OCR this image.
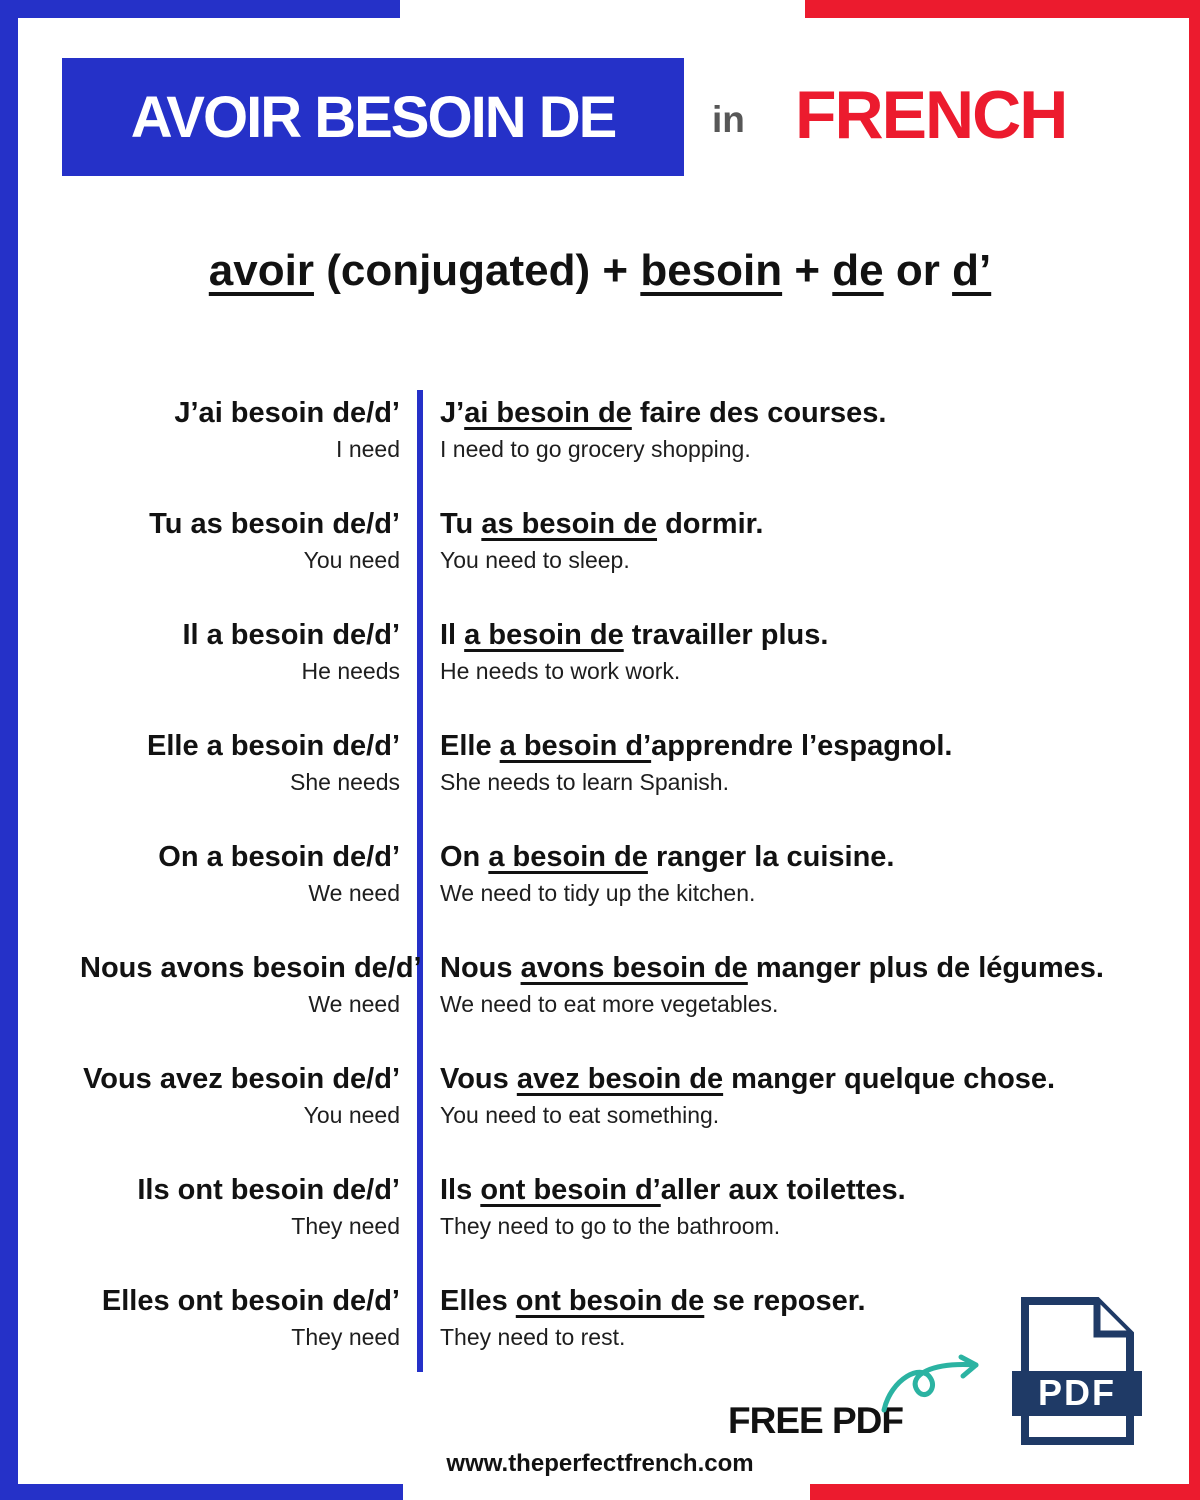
AVOIR BESOIN DE	in FRENCH
avoir (conjugated) + besoin + de or d’
J’ai besoin de/d’
I need
J’ai besoin de faire des courses.
I need to go grocery shopping.
Tu as besoin de/d’
You need
Tu as besoin de dormir.
You need to sleep.
Il a besoin de/d’
He needs
Il a besoin de travailler plus.
He needs to work work.
Elle a besoin de/d’
She needs
Elle a besoin d’apprendre l’espagnol.
She needs to learn Spanish.
On a besoin de/d’
We need
On a besoin de ranger la cuisine.
We need to tidy up the kitchen.
Nous avons besoin de/d’
We need
Nous avons besoin de manger plus de légumes.
We need to eat more vegetables.
Vous avez besoin de/d’
You need
Vous avez besoin de manger quelque chose.
You need to eat something.
Ils ont besoin de/d’
They need
Ils ont besoin d’aller aux toilettes.
They need to go to the bathroom.
Elles ont besoin de/d’
They need
Elles ont besoin de se reposer.
They need to rest.
FREE PDF
PDF
www.theperfectfrench.com
